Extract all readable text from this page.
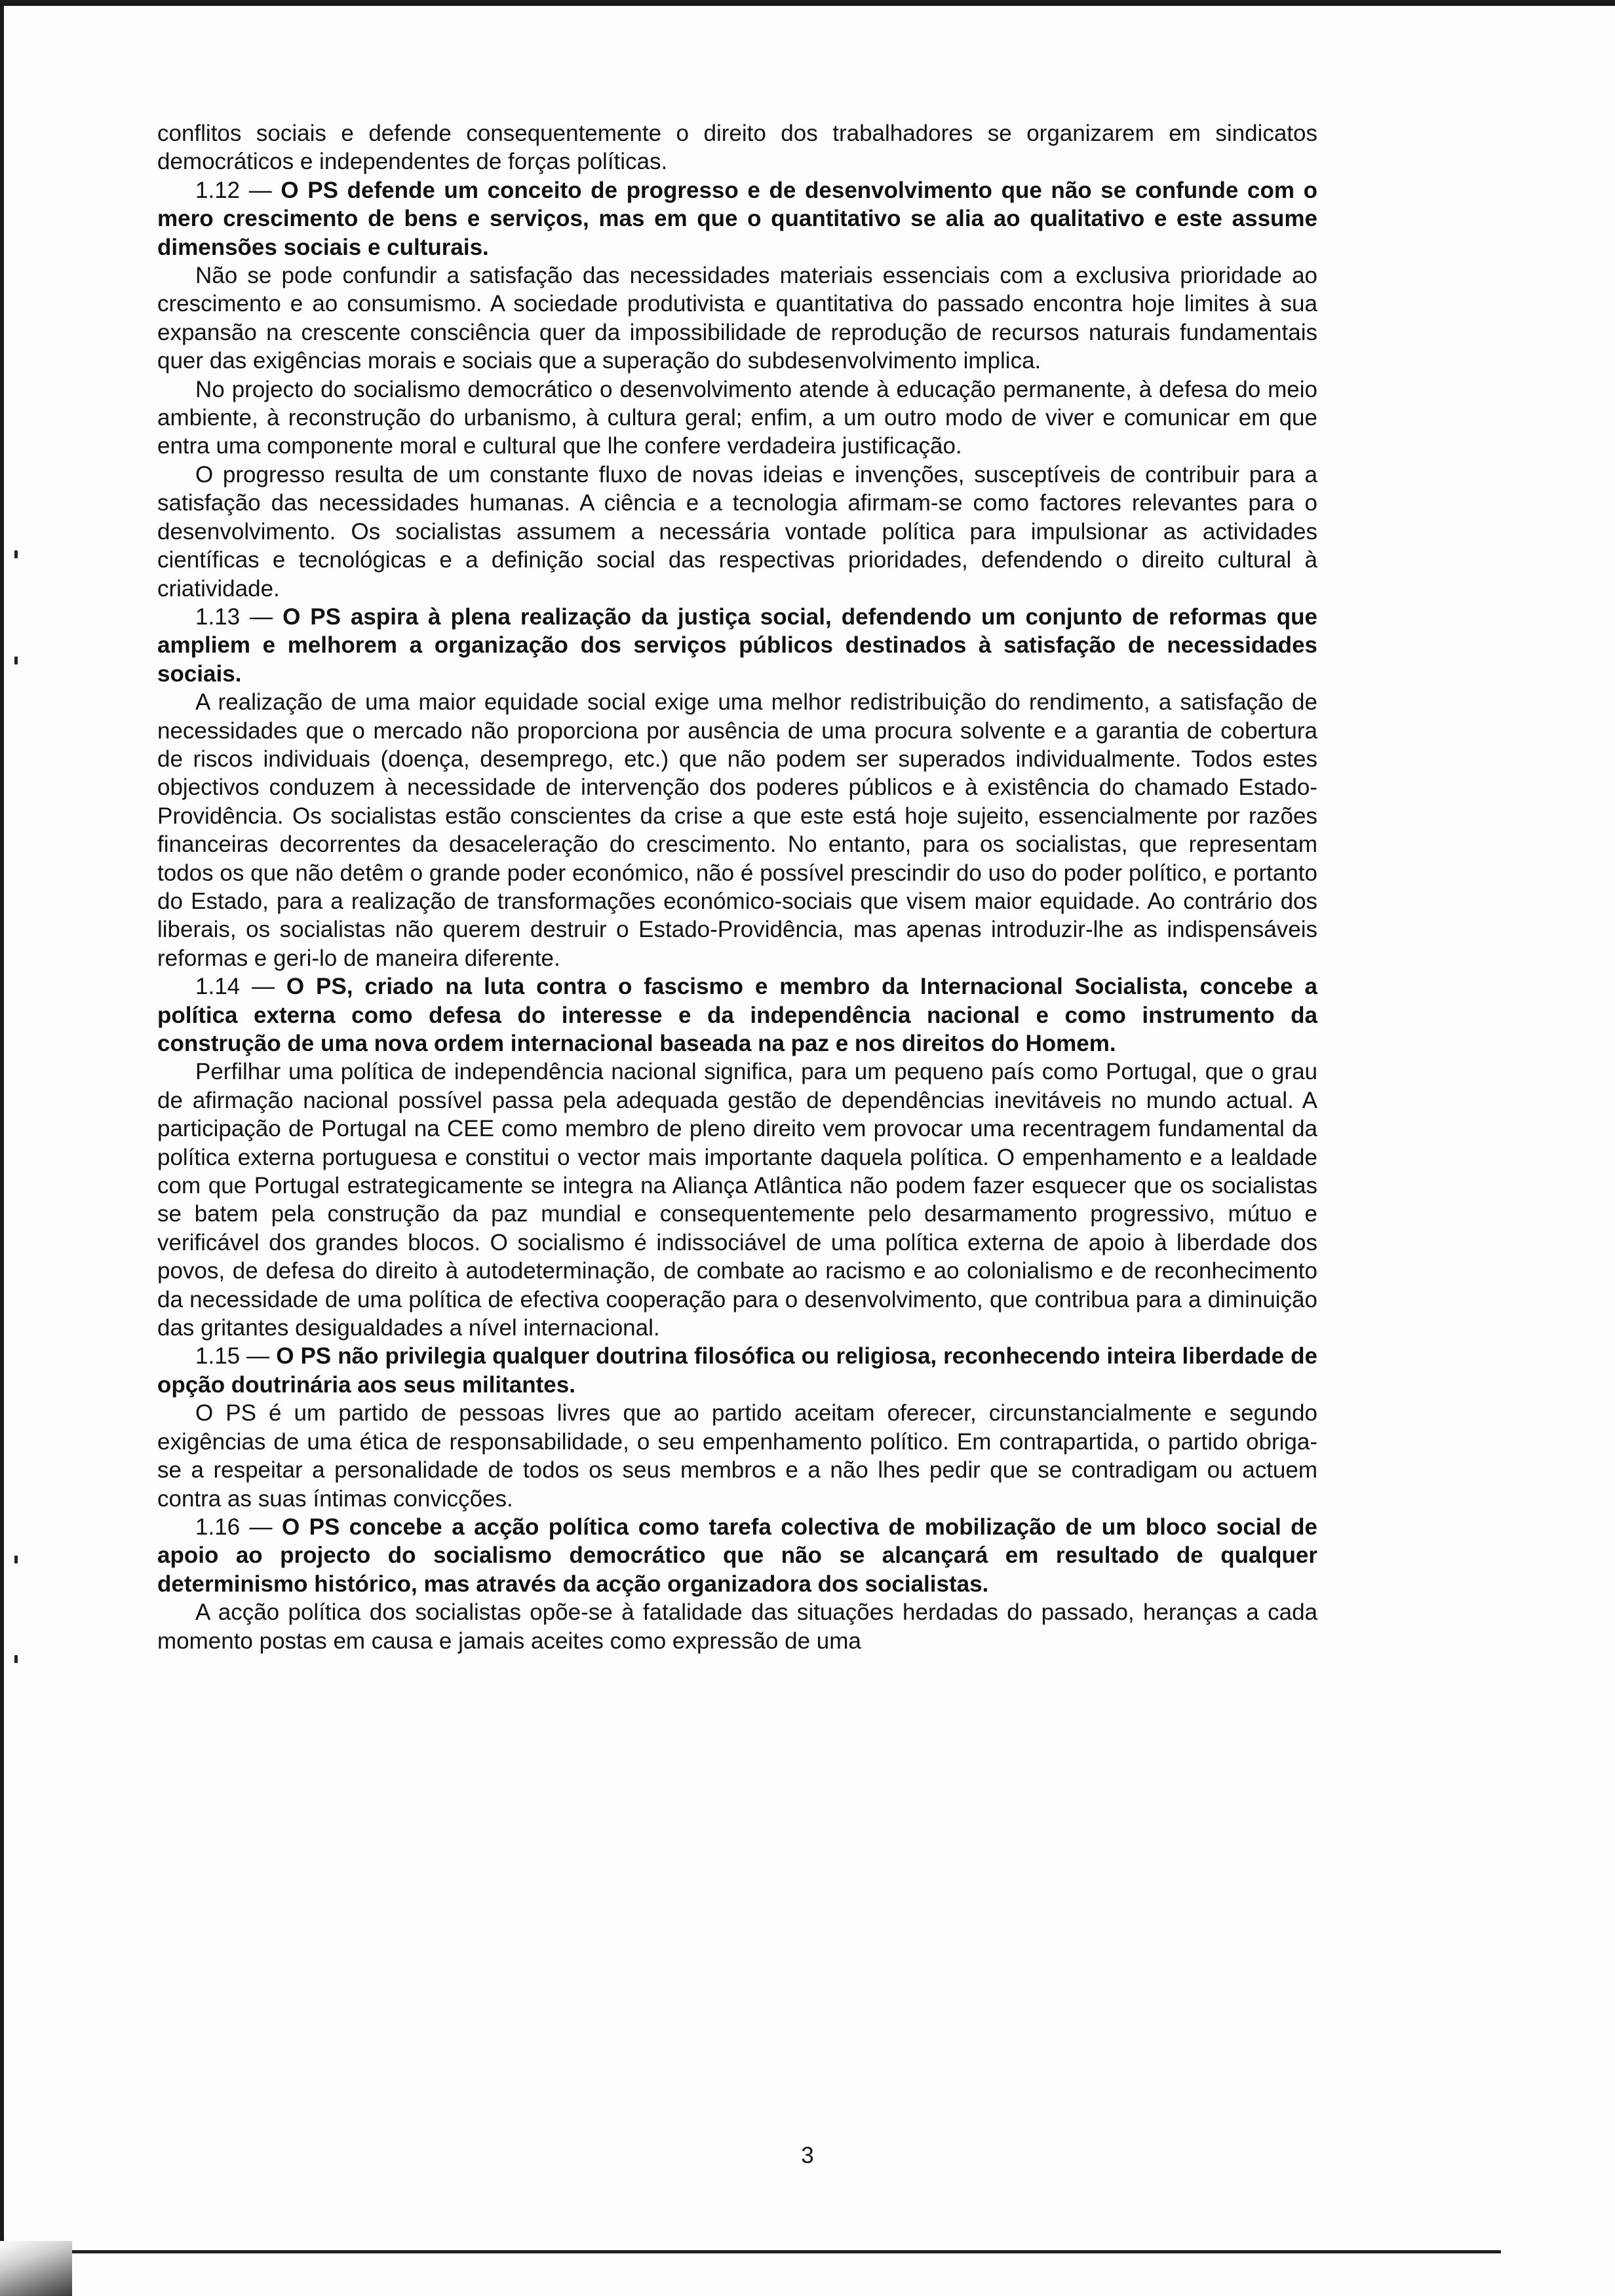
conflitos sociais e defende consequentemente o direito dos trabalhadores se organizarem em sindicatos democráticos e independentes de forças políticas.

1.12 — O PS defende um conceito de progresso e de desenvolvimento que não se confunde com o mero crescimento de bens e serviços, mas em que o quantitativo se alia ao qualitativo e este assume dimensões sociais e culturais.

Não se pode confundir a satisfação das necessidades materiais essenciais com a exclusiva prioridade ao crescimento e ao consumismo. A sociedade produtivista e quantitativa do passado encontra hoje limites à sua expansão na crescente consciência quer da impossibilidade de reprodução de recursos naturais fundamentais quer das exigências morais e sociais que a superação do subdesenvolvimento implica.

No projecto do socialismo democrático o desenvolvimento atende à educação permanente, à defesa do meio ambiente, à reconstrução do urbanismo, à cultura geral; enfim, a um outro modo de viver e comunicar em que entra uma componente moral e cultural que lhe confere verdadeira justificação.

O progresso resulta de um constante fluxo de novas ideias e invenções, susceptíveis de contribuir para a satisfação das necessidades humanas. A ciência e a tecnologia afirmam-se como factores relevantes para o desenvolvimento. Os socialistas assumem a necessária vontade política para impulsionar as actividades científicas e tecnológicas e a definição social das respectivas prioridades, defendendo o direito cultural à criatividade.

1.13 — O PS aspira à plena realização da justiça social, defendendo um conjunto de reformas que ampliem e melhorem a organização dos serviços públicos destinados à satisfação de necessidades sociais.

A realização de uma maior equidade social exige uma melhor redistribuição do rendimento, a satisfação de necessidades que o mercado não proporciona por ausência de uma procura solvente e a garantia de cobertura de riscos individuais (doença, desemprego, etc.) que não podem ser superados individualmente. Todos estes objectivos conduzem à necessidade de intervenção dos poderes públicos e à existência do chamado Estado-Providência. Os socialistas estão conscientes da crise a que este está hoje sujeito, essencialmente por razões financeiras decorrentes da desaceleração do crescimento. No entanto, para os socialistas, que representam todos os que não detêm o grande poder económico, não é possível prescindir do uso do poder político, e portanto do Estado, para a realização de transformações económico-sociais que visem maior equidade. Ao contrário dos liberais, os socialistas não querem destruir o Estado-Providência, mas apenas introduzir-lhe as indispensáveis reformas e geri-lo de maneira diferente.

1.14 — O PS, criado na luta contra o fascismo e membro da Internacional Socialista, concebe a política externa como defesa do interesse e da independência nacional e como instrumento da construção de uma nova ordem internacional baseada na paz e nos direitos do Homem.

Perfilhar uma política de independência nacional significa, para um pequeno país como Portugal, que o grau de afirmação nacional possível passa pela adequada gestão de dependências inevitáveis no mundo actual. A participação de Portugal na CEE como membro de pleno direito vem provocar uma recentragem fundamental da política externa portuguesa e constitui o vector mais importante daquela política. O empenhamento e a lealdade com que Portugal estrategicamente se integra na Aliança Atlântica não podem fazer esquecer que os socialistas se batem pela construção da paz mundial e consequentemente pelo desarmamento progressivo, mútuo e verificável dos grandes blocos. O socialismo é indissociável de uma política externa de apoio à liberdade dos povos, de defesa do direito à autodeterminação, de combate ao racismo e ao colonialismo e de reconhecimento da necessidade de uma política de efectiva cooperação para o desenvolvimento, que contribua para a diminuição das gritantes desigualdades a nível internacional.

1.15 — O PS não privilegia qualquer doutrina filosófica ou religiosa, reconhecendo inteira liberdade de opção doutrinária aos seus militantes.

O PS é um partido de pessoas livres que ao partido aceitam oferecer, circunstancialmente e segundo exigências de uma ética de responsabilidade, o seu empenhamento político. Em contrapartida, o partido obriga-se a respeitar a personalidade de todos os seus membros e a não lhes pedir que se contradigam ou actuem contra as suas íntimas convicções.

1.16 — O PS concebe a acção política como tarefa colectiva de mobilização de um bloco social de apoio ao projecto do socialismo democrático que não se alcançará em resultado de qualquer determinismo histórico, mas através da acção organizadora dos socialistas.

A acção política dos socialistas opõe-se à fatalidade das situações herdadas do passado, heranças a cada momento postas em causa e jamais aceites como expressão de uma

3
